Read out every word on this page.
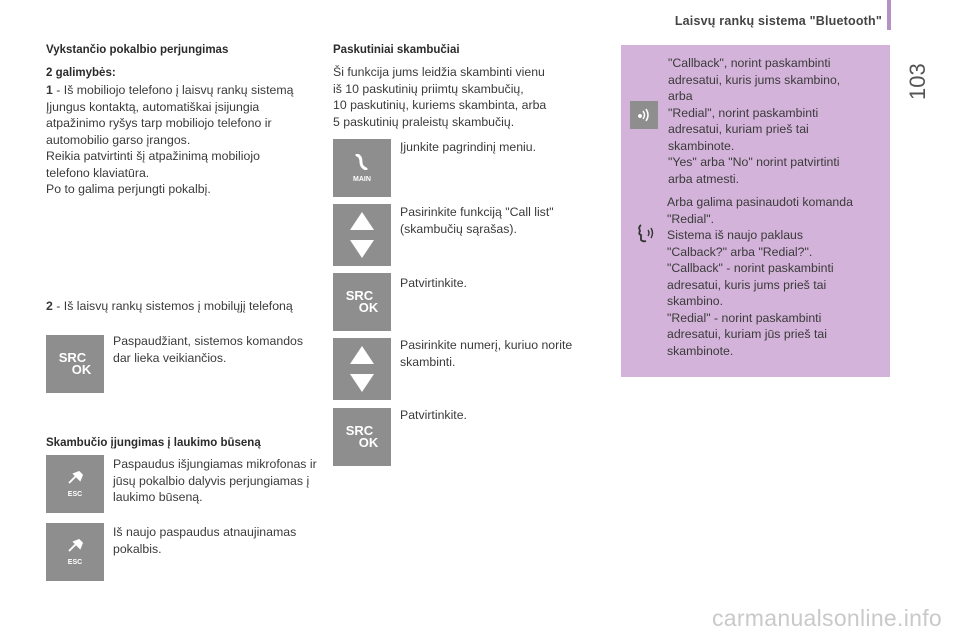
Laisvų rankų sistema "Bluetooth"
103
Vykstančio pokalbio perjungimas
2 galimybės:

1 - Iš mobiliojo telefono į laisvų rankų sistemą

Įjungus kontaktą, automatiškai įsijungia

atpažinimo ryšys tarp mobiliojo telefono ir

automobilio garso įrangos.

Reikia patvirtinti šį atpažinimą mobiliojo

telefono klaviatūra.

Po to galima perjungti pokalbį.

2 - Iš laisvų rankų sistemos į mobilųjį telefoną

SRC
OK
Paspaudžiant, sistemos komandos dar lieka veikiančios.
Skambučio įjungimas į laukimo būseną
ESC
Paspaudus išjungiamas mikrofonas ir jūsų pokalbio dalyvis perjungiamas į laukimo būseną.
ESC
Iš naujo paspaudus atnaujinamas pokalbis.
Paskutiniai skambučiai

Ši funkcija jums leidžia skambinti vienu

iš 10 paskutinių priimtų skambučių,

10 paskutinių, kuriems skambinta, arba

5 paskutinių praleistų skambučių.

MAIN
Įjunkite pagrindinį meniu.
Pasirinkite funkciją "Call list" (skambučių sąrašas).
SRC
OK
Patvirtinkite.
Pasirinkite numerį, kuriuo norite skambinti.
SRC
OK
Patvirtinkite.

"Callback", norint paskambinti

adresatui, kuris jums skambino,

arba

"Redial", norint paskambinti

adresatui, kuriam prieš tai

skambinote.

"Yes" arba "No" norint patvirtinti

arba atmesti.

Arba galima pasinaudoti komanda

"Redial".

Sistema iš naujo paklaus

"Calback?" arba "Redial?".

"Callback" - norint paskambinti

adresatui, kuris jums prieš tai

skambino.

"Redial" - norint paskambinti

adresatui, kuriam jūs prieš tai

skambinote.

carmanualsonline.info
